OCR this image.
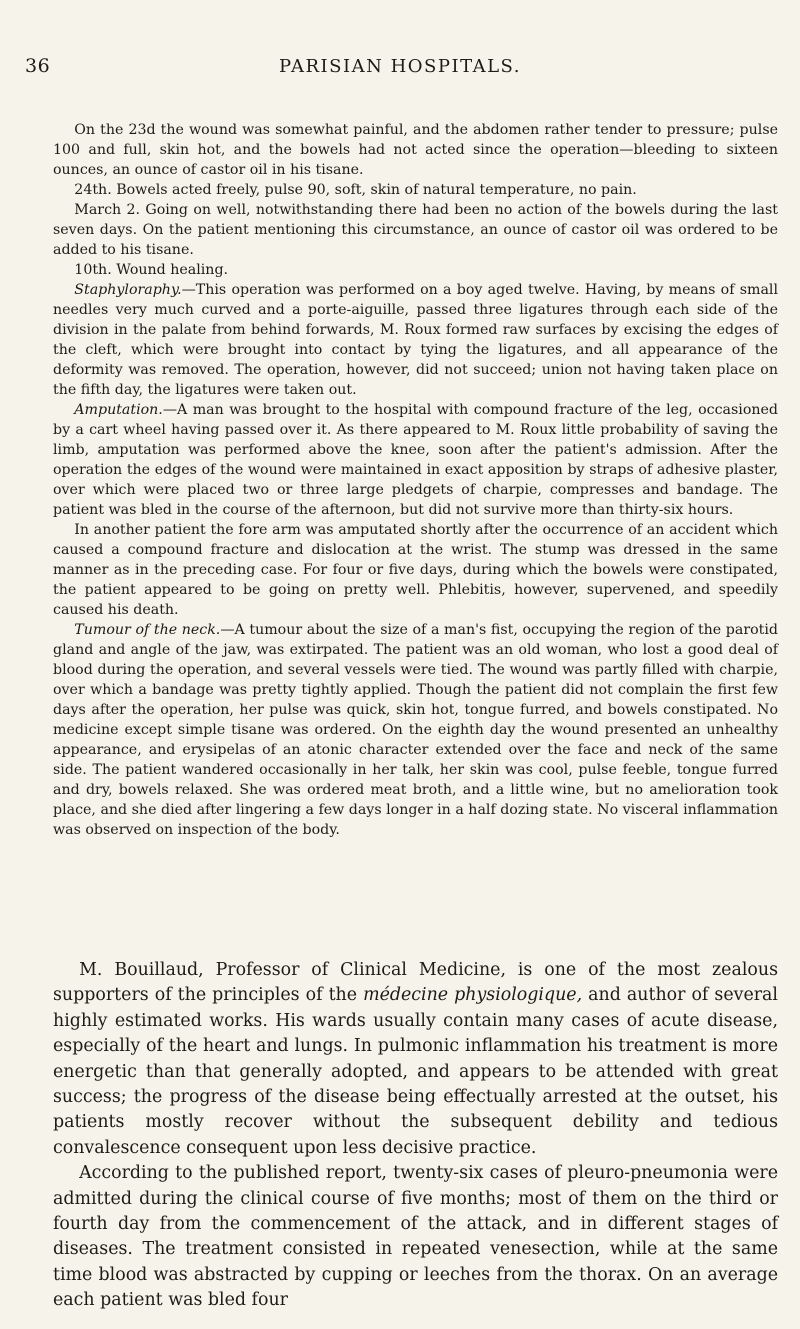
36	PARISIAN HOSPITALS.

On the 23d the wound was somewhat painful, and the abdomen rather tender to pressure; pulse 100 and full, skin hot, and the bowels had not acted since the operation—bleeding to sixteen ounces, an ounce of castor oil in his tisane.

24th. Bowels acted freely, pulse 90, soft, skin of natural temperature, no pain.

March 2. Going on well, notwithstanding there had been no action of the bowels during the last seven days. On the patient mentioning this circumstance, an ounce of castor oil was ordered to be added to his tisane.

10th. Wound healing.

Staphyloraphy.—This operation was performed on a boy aged twelve. Having, by means of small needles very much curved and a porte-aiguille, passed three ligatures through each side of the division in the palate from behind forwards, M. Roux formed raw surfaces by excising the edges of the cleft, which were brought into contact by tying the ligatures, and all appearance of the deformity was removed. The operation, however, did not succeed; union not having taken place on the fifth day, the ligatures were taken out.

Amputation.—A man was brought to the hospital with compound fracture of the leg, occasioned by a cart wheel having passed over it. As there appeared to M. Roux little probability of saving the limb, amputation was performed above the knee, soon after the patient's admission. After the operation the edges of the wound were maintained in exact apposition by straps of adhesive plaster, over which were placed two or three large pledgets of charpie, compresses and bandage. The patient was bled in the course of the afternoon, but did not survive more than thirty-six hours.

In another patient the fore arm was amputated shortly after the occurrence of an accident which caused a compound fracture and dislocation at the wrist. The stump was dressed in the same manner as in the preceding case. For four or five days, during which the bowels were constipated, the patient appeared to be going on pretty well. Phlebitis, however, supervened, and speedily caused his death.

Tumour of the neck.—A tumour about the size of a man's fist, occupying the region of the parotid gland and angle of the jaw, was extirpated. The patient was an old woman, who lost a good deal of blood during the operation, and several vessels were tied. The wound was partly filled with charpie, over which a bandage was pretty tightly applied. Though the patient did not complain the first few days after the operation, her pulse was quick, skin hot, tongue furred, and bowels constipated. No medicine except simple tisane was ordered. On the eighth day the wound presented an unhealthy appearance, and erysipelas of an atonic character extended over the face and neck of the same side. The patient wandered occasionally in her talk, her skin was cool, pulse feeble, tongue furred and dry, bowels relaxed. She was ordered meat broth, and a little wine, but no amelioration took place, and she died after lingering a few days longer in a half dozing state. No visceral inflammation was observed on inspection of the body.

M. Bouillaud, Professor of Clinical Medicine, is one of the most zealous supporters of the principles of the médecine physiologique, and author of several highly estimated works. His wards usually contain many cases of acute disease, especially of the heart and lungs. In pulmonic inflammation his treatment is more energetic than that generally adopted, and appears to be attended with great success; the progress of the disease being effectually arrested at the outset, his patients mostly recover without the subsequent debility and tedious convalescence consequent upon less decisive practice.

According to the published report, twenty-six cases of pleuro-pneumonia were admitted during the clinical course of five months; most of them on the third or fourth day from the commencement of the attack, and in different stages of diseases. The treatment consisted in repeated venesection, while at the same time blood was abstracted by cupping or leeches from the thorax. On an average each patient was bled four
